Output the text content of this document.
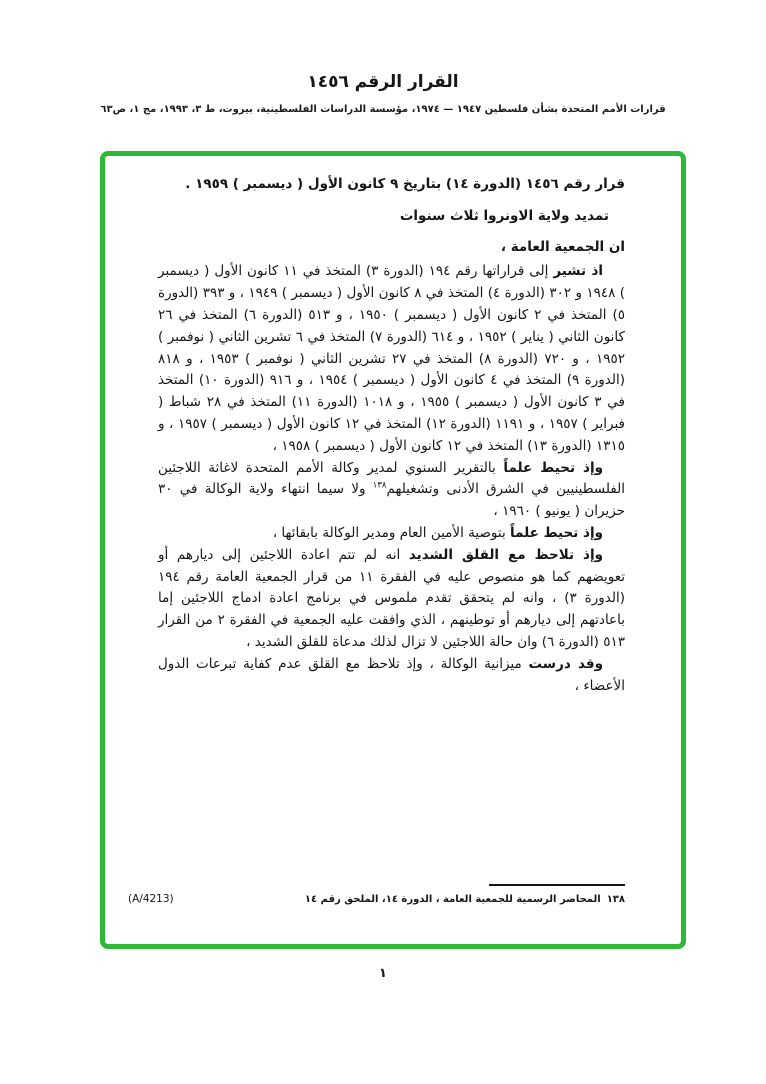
القرار الرقم ١٤٥٦
قرارات الأمم المتحدة بشأن فلسطين ١٩٤٧ — ١٩٧٤، مؤسسة الدراسات الفلسطينية، بيروت، ط ٣، ١٩٩٣، مج ١، ص٦٣

قرار رقم ١٤٥٦ (الدورة ١٤) بتاريخ ٩ كانون الأول ( ديسمبر ) ١٩٥٩ .

تمديد ولاية الاونروا ثلاث سنوات

ان الجمعية العامة ،

اذ تشير إلى قراراتها رقم ١٩٤ (الدورة ٣) المتخذ في ١١ كانون الأول ( ديسمبر ) ١٩٤٨ و ٣٠٢ (الدورة ٤) المتخذ في ٨ كانون الأول ( ديسمبر ) ١٩٤٩ ، و ٣٩٣ (الدورة ٥) المتخذ في ٢ كانون الأول ( ديسمبر ) ١٩٥٠ ، و ٥١٣ (الدورة ٦) المتخذ في ٢٦ كانون الثاني ( يناير ) ١٩٥٢ ، و ٦١٤ (الدورة ٧) المتخذ في ٦ تشرين الثاني ( نوفمبر ) ١٩٥٢ ، و ٧٢٠ (الدورة ٨) المتخذ في ٢٧ تشرين الثاني ( نوفمبر ) ١٩٥٣ ، و ٨١٨ (الدورة ٩) المتخذ في ٤ كانون الأول ( ديسمبر ) ١٩٥٤ ، و ٩١٦ (الدورة ١٠) المتخذ في ٣ كانون الأول ( ديسمبر ) ١٩٥٥ ، و ١٠١٨ (الدورة ١١) المتخذ في ٢٨ شباط ( فبراير ) ١٩٥٧ ، و ١١٩١ (الدورة ١٢) المتخذ في ١٢ كانون الأول ( ديسمبر ) ١٩٥٧ ، و ١٣١٥ (الدورة ١٣) المتخذ في ١٢ كانون الأول ( ديسمبر ) ١٩٥٨ ،

وإذ تحيط علماً بالتقرير السنوي لمدير وكالة الأمم المتحدة لاغاثة اللاجئين الفلسطينيين في الشرق الأدنى وتشغيلهم$^{١٣٨}$ ولا سيما انتهاء ولاية الوكالة في ٣٠ حزيران ( يونيو ) ١٩٦٠ ،

وإذ تحيط علماً بتوصية الأمين العام ومدير الوكالة بابقائها ،

وإذ تلاحظ مع القلق الشديد انه لم تتم اعادة اللاجئين إلى ديارهم أو تعويضهم كما هو منصوص عليه في الفقرة ١١ من قرار الجمعية العامة رقم ١٩٤ (الدورة ٣) ، وانه لم يتحقق تقدم ملموس في برنامج اعادة ادماج اللاجئين إما باعادتهم إلى ديارهم أو توطينهم ، الذي وافقت عليه الجمعية في الفقرة ٢ من القرار ٥١٣ (الدورة ٦) وان حالة اللاجئين لا تزال لذلك مدعاة للقلق الشديد ،

وقد درست ميزانية الوكالة ، وإذ تلاحظ مع القلق عدم كفاية تبرعات الدول الأعضاء ،

١٣٨المحاضر الرسمية للجمعية العامة ، الدورة ١٤، الملحق رقم ١٤
(A/4213)
١
